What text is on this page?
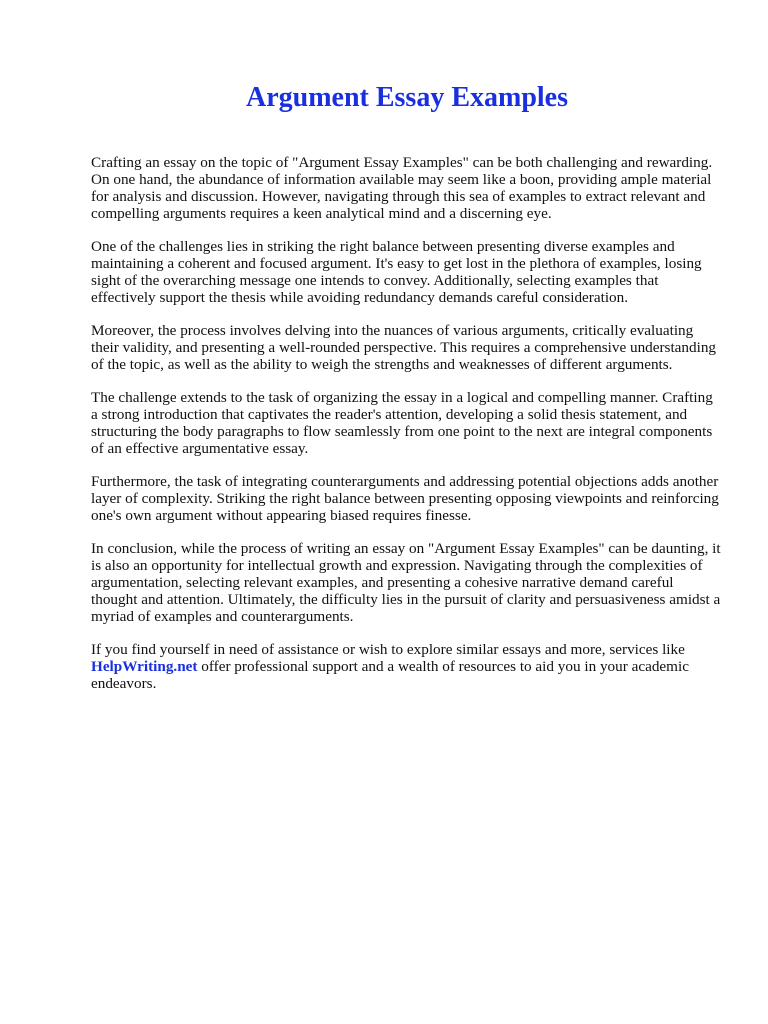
Argument Essay Examples

Crafting an essay on the topic of "Argument Essay Examples" can be both challenging and rewarding. On one hand, the abundance of information available may seem like a boon, providing ample material for analysis and discussion. However, navigating through this sea of examples to extract relevant and compelling arguments requires a keen analytical mind and a discerning eye.

One of the challenges lies in striking the right balance between presenting diverse examples and maintaining a coherent and focused argument. It's easy to get lost in the plethora of examples, losing sight of the overarching message one intends to convey. Additionally, selecting examples that effectively support the thesis while avoiding redundancy demands careful consideration.

Moreover, the process involves delving into the nuances of various arguments, critically evaluating their validity, and presenting a well-rounded perspective. This requires a comprehensive understanding of the topic, as well as the ability to weigh the strengths and weaknesses of different arguments.

The challenge extends to the task of organizing the essay in a logical and compelling manner. Crafting a strong introduction that captivates the reader's attention, developing a solid thesis statement, and structuring the body paragraphs to flow seamlessly from one point to the next are integral components of an effective argumentative essay.

Furthermore, the task of integrating counterarguments and addressing potential objections adds another layer of complexity. Striking the right balance between presenting opposing viewpoints and reinforcing one's own argument without appearing biased requires finesse.

In conclusion, while the process of writing an essay on "Argument Essay Examples" can be daunting, it is also an opportunity for intellectual growth and expression. Navigating through the complexities of argumentation, selecting relevant examples, and presenting a cohesive narrative demand careful thought and attention. Ultimately, the difficulty lies in the pursuit of clarity and persuasiveness amidst a myriad of examples and counterarguments.

If you find yourself in need of assistance or wish to explore similar essays and more, services like HelpWriting.net offer professional support and a wealth of resources to aid you in your academic endeavors.
